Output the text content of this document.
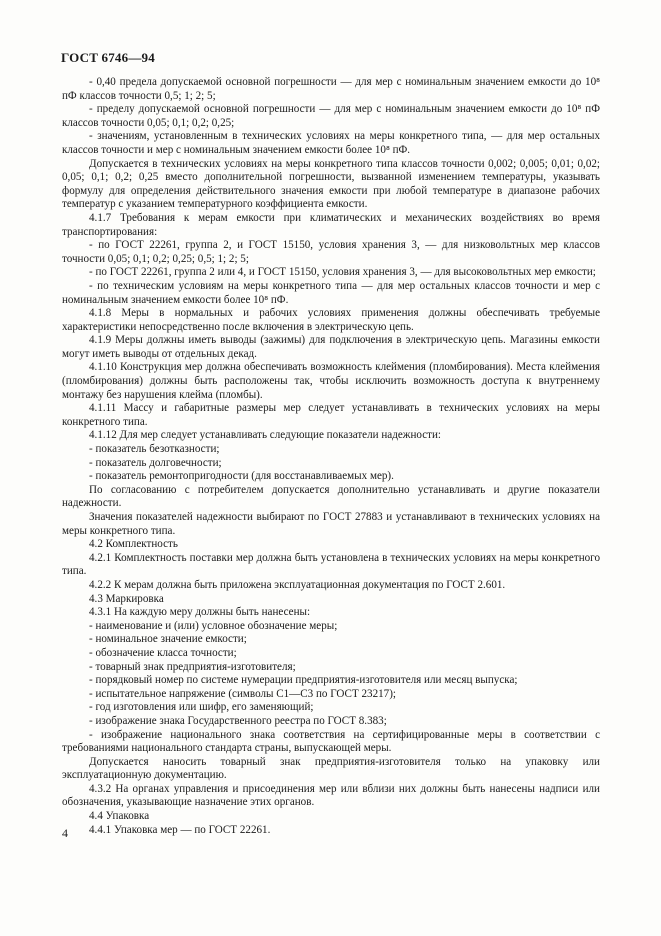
ГОСТ 6746—94

- 0,40 предела допускаемой основной погрешности — для мер с номинальным значением емкости до 10⁸ пФ классов точности 0,5; 1; 2; 5;

- пределу допускаемой основной погрешности — для мер с номинальным значением емкости до 10⁸ пФ классов точности 0,05; 0,1; 0,2; 0,25;

- значениям, установленным в технических условиях на меры конкретного типа, — для мер остальных классов точности и мер с номинальным значением емкости более 10⁸ пФ.

Допускается в технических условиях на меры конкретного типа классов точности 0,002; 0,005; 0,01; 0,02; 0,05; 0,1; 0,2; 0,25 вместо дополнительной погрешности, вызванной изменением температуры, указывать формулу для определения действительного значения емкости при любой температуре в диапазоне рабочих температур с указанием температурного коэффициента емкости.

4.1.7 Требования к мерам емкости при климатических и механических воздействиях во время транспортирования:

- по ГОСТ 22261, группа 2, и ГОСТ 15150, условия хранения 3, — для низковольтных мер классов точности 0,05; 0,1; 0,2; 0,25; 0,5; 1; 2; 5;

- по ГОСТ 22261, группа 2 или 4, и ГОСТ 15150, условия хранения 3, — для высоковольтных мер емкости;

- по техническим условиям на меры конкретного типа — для мер остальных классов точности и мер с номинальным значением емкости более 10⁸ пФ.

4.1.8 Меры в нормальных и рабочих условиях применения должны обеспечивать требуемые характеристики непосредственно после включения в электрическую цепь.

4.1.9 Меры должны иметь выводы (зажимы) для подключения в электрическую цепь. Магазины емкости могут иметь выводы от отдельных декад.

4.1.10 Конструкция мер должна обеспечивать возможность клеймения (пломбирования). Места клеймения (пломбирования) должны быть расположены так, чтобы исключить возможность доступа к внутреннему монтажу без нарушения клейма (пломбы).

4.1.11 Массу и габаритные размеры мер следует устанавливать в технических условиях на меры конкретного типа.

4.1.12 Для мер следует устанавливать следующие показатели надежности:

- показатель безотказности;

- показатель долговечности;

- показатель ремонтопригодности (для восстанавливаемых мер).

По согласованию с потребителем допускается дополнительно устанавливать и другие показатели надежности.

Значения показателей надежности выбирают по ГОСТ 27883 и устанавливают в технических условиях на меры конкретного типа.

4.2 Комплектность

4.2.1 Комплектность поставки мер должна быть установлена в технических условиях на меры конкретного типа.

4.2.2 К мерам должна быть приложена эксплуатационная документация по ГОСТ 2.601.

4.3 Маркировка

4.3.1 На каждую меру должны быть нанесены:

- наименование и (или) условное обозначение меры;

- номинальное значение емкости;

- обозначение класса точности;

- товарный знак предприятия-изготовителя;

- порядковый номер по системе нумерации предприятия-изготовителя или месяц выпуска;

- испытательное напряжение (символы С1—С3 по ГОСТ 23217);

- год изготовления или шифр, его заменяющий;

- изображение знака Государственного реестра по ГОСТ 8.383;

- изображение национального знака соответствия на сертифицированные меры в соответствии с требованиями национального стандарта страны, выпускающей меры.

Допускается наносить товарный знак предприятия-изготовителя только на упаковку или эксплуатационную документацию.

4.3.2 На органах управления и присоединения мер или вблизи них должны быть нанесены надписи или обозначения, указывающие назначение этих органов.

4.4 Упаковка

4.4.1 Упаковка мер — по ГОСТ 22261.

4
